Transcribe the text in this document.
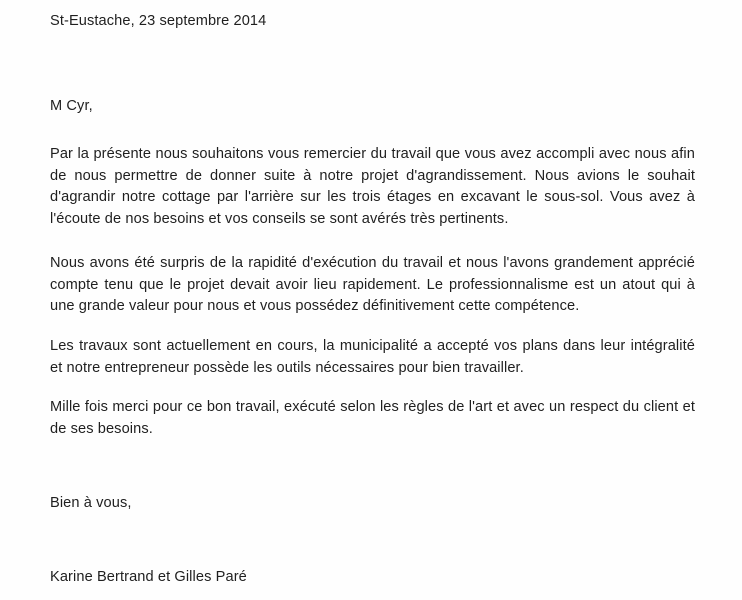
St-Eustache, 23 septembre 2014
M Cyr,

Par la présente nous souhaitons vous remercier du travail que vous avez accompli avec nous afin de nous permettre de donner suite à notre projet d'agrandissement. Nous avions le souhait d'agrandir notre cottage par l'arrière sur les trois étages en excavant le sous-sol. Vous avez à l'écoute de nos besoins et vos conseils se sont avérés très pertinents.

Nous avons été surpris de la rapidité d'exécution du travail et nous l'avons grandement apprécié compte tenu que le projet devait avoir lieu rapidement. Le professionnalisme est un atout qui à une grande valeur pour nous et vous possédez définitivement cette compétence.

Les travaux sont actuellement en cours, la municipalité a accepté vos plans dans leur intégralité et notre entrepreneur possède les outils nécessaires pour bien travailler.

Mille fois merci pour ce bon travail, exécuté selon les règles de l'art et avec un respect du client et de ses besoins.

Bien à vous,
Karine Bertrand et Gilles Paré
